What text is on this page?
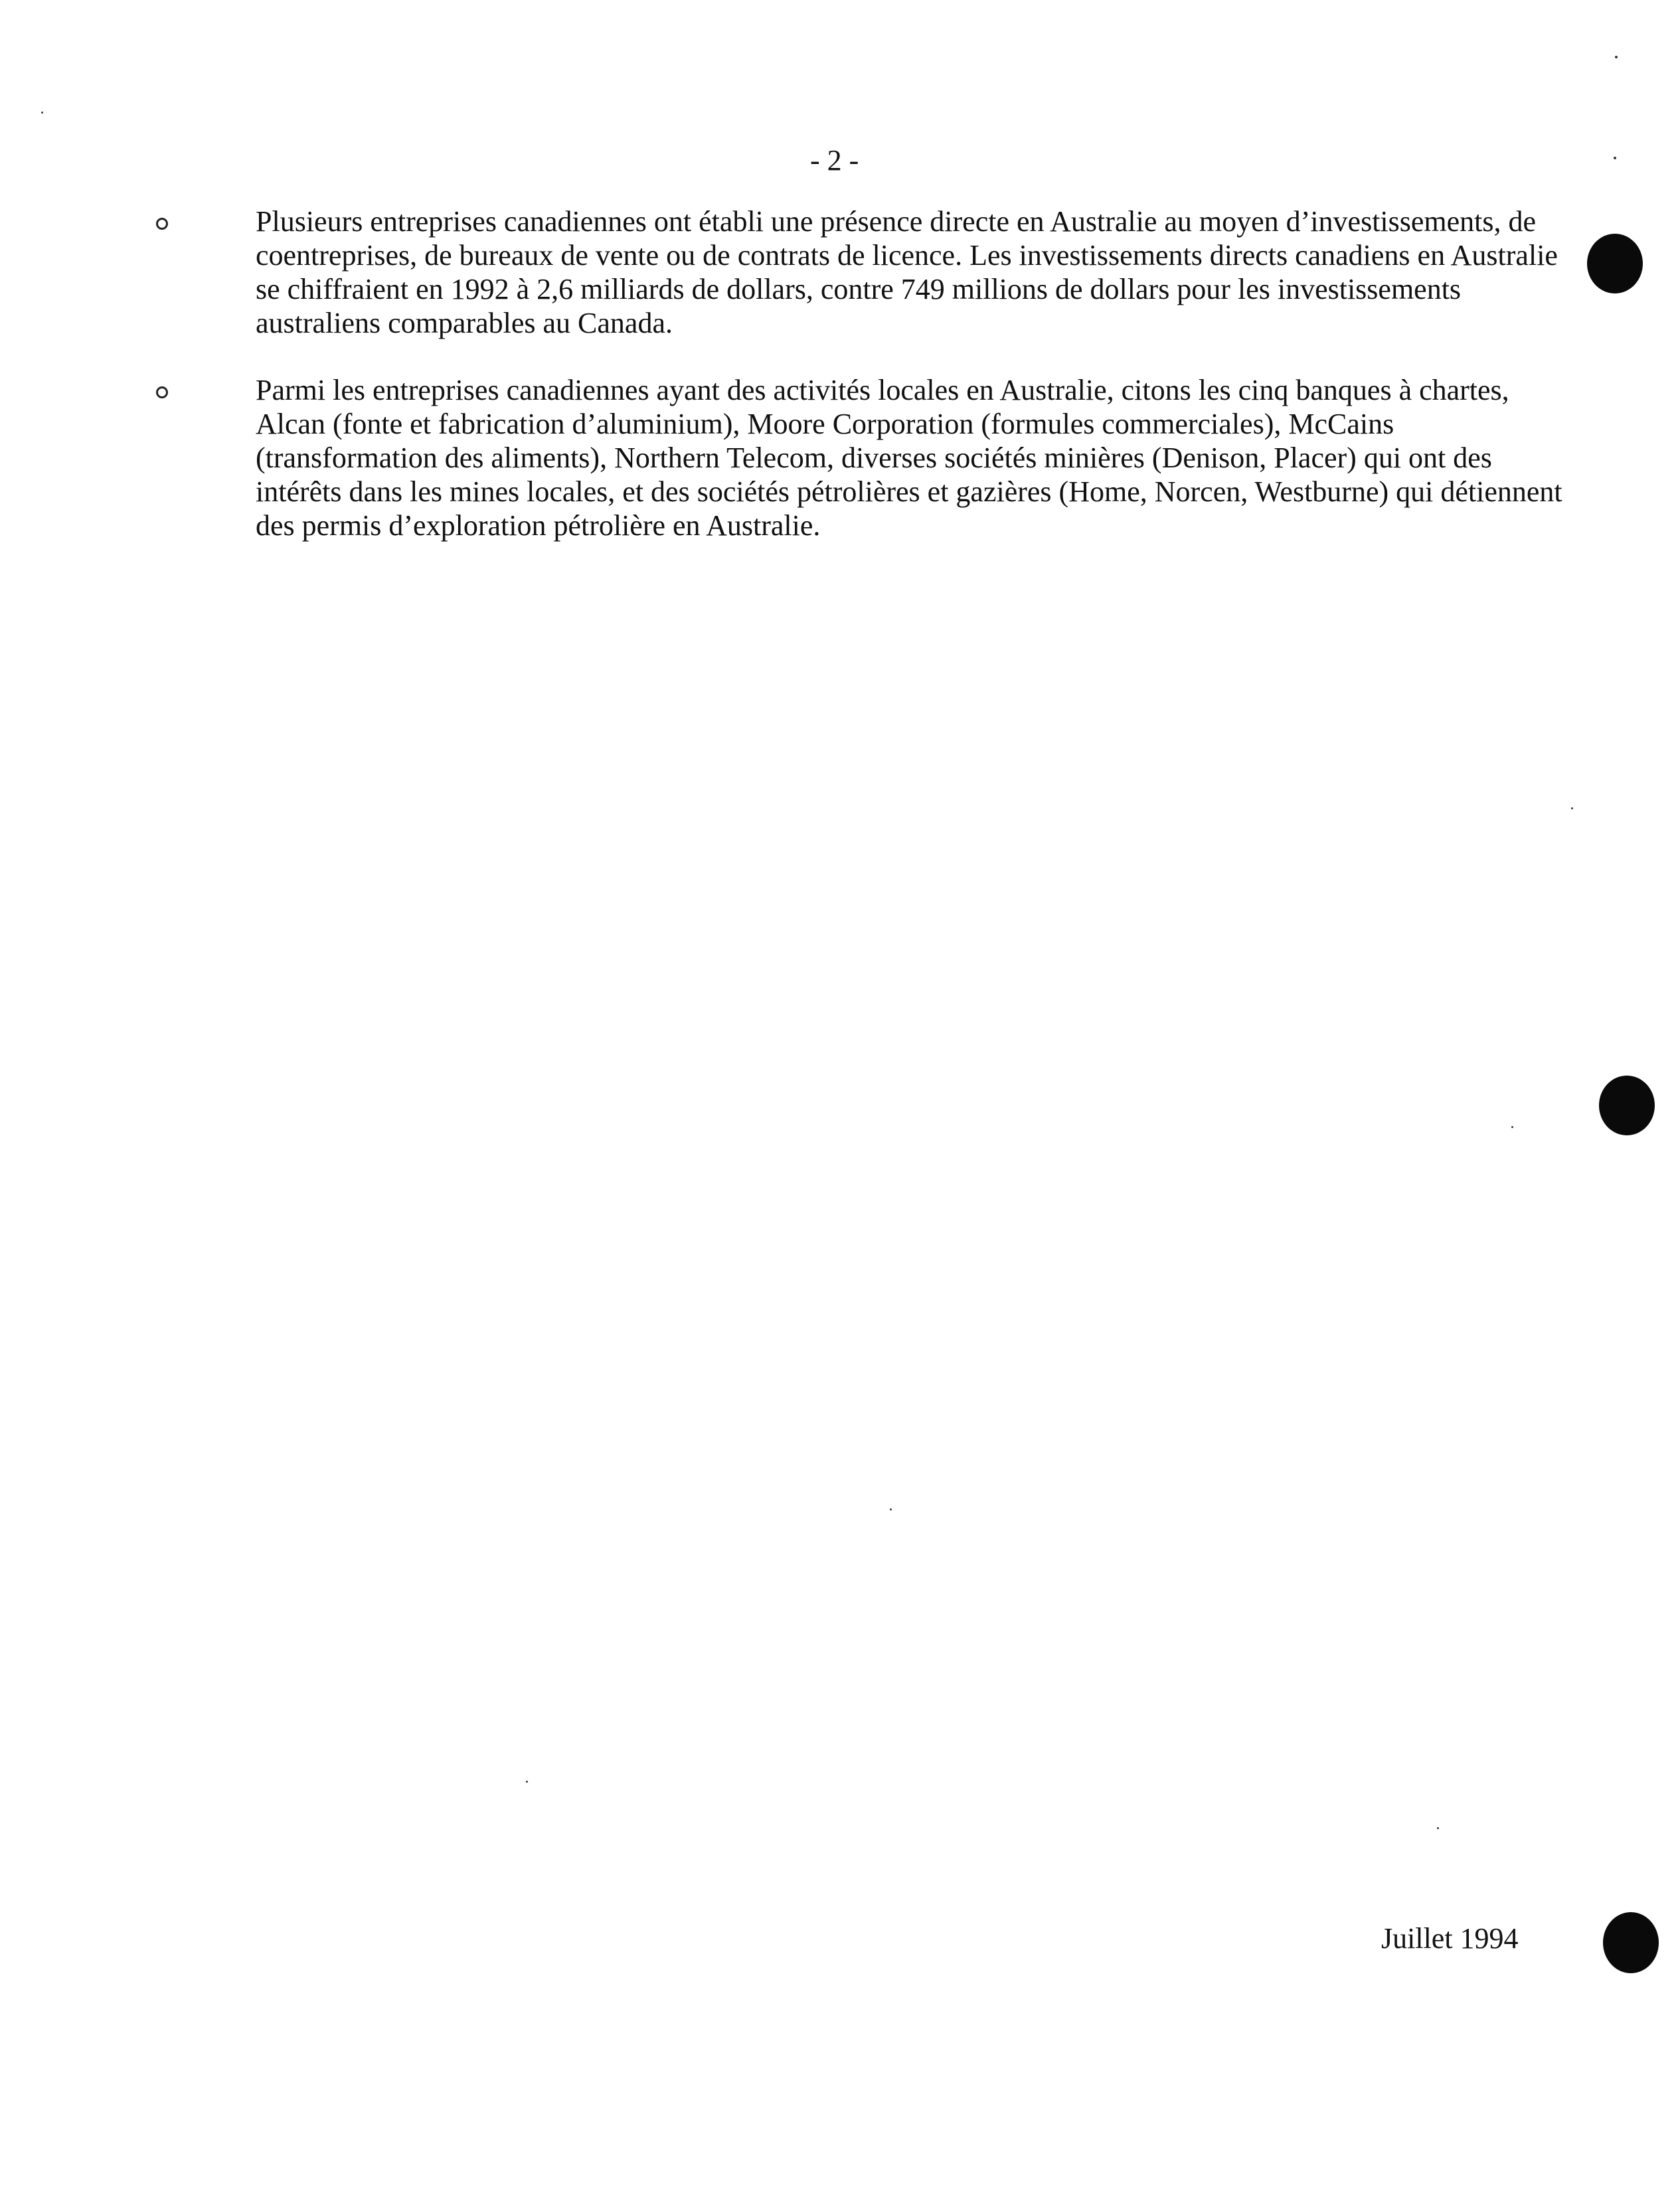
- 2 -

Plusieurs entreprises canadiennes ont établi une présence directe en Australie au moyen d’investissements, de coentreprises, de bureaux de vente ou de contrats de licence. Les investissements directs canadiens en Australie se chiffraient en 1992 à 2,6 milliards de dollars, contre 749 millions de dollars pour les investissements australiens comparables au Canada.

Parmi les entreprises canadiennes ayant des activités locales en Australie, citons les cinq banques à chartes, Alcan (fonte et fabrication d’aluminium), Moore Corporation (formules commerciales), McCains (transformation des aliments), Northern Telecom, diverses sociétés minières (Denison, Placer) qui ont des intérêts dans les mines locales, et des sociétés pétrolières et gazières (Home, Norcen, Westburne) qui détiennent des permis d’exploration pétrolière en Australie.

Juillet 1994
